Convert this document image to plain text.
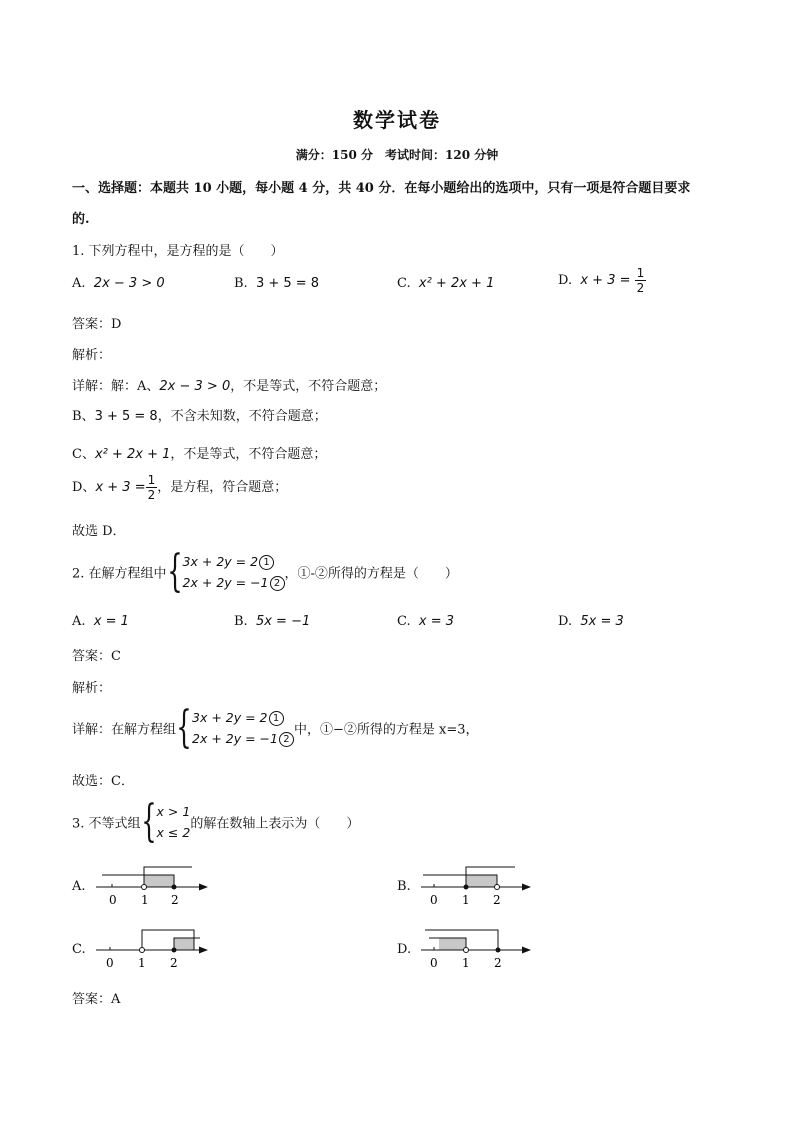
数学试卷
满分：150 分　考试时间：120 分钟
一、选择题：本题共 10 小题，每小题 4 分，共 40 分．在每小题给出的选项中，只有一项是符合题目要求
的.
1. 下列方程中，是方程的是（　　）
A. 2x − 3 > 0	B. 3 + 5 = 8	C. x² + 2x + 1	D. $x + 3 = \frac{1}{2}$
答案：D
解析：
详解：解：A、2x − 3 > 0，不是等式，不符合题意；
B、3 + 5 = 8，不含未知数，不符合题意；
C、x² + 2x + 1，不是等式，不符合题意；
D、$x + 3 = \frac{1}{2}$ ，是方程，符合题意；
故选 D．
2. 在解方程组中{3x + 2y = 2 1
2x + 2y = −1 2，①-②所得的方程是（　　）
A. x = 1	B. 5x = −1	C. x = 3	D. 5x = 3
答案：C
解析：
详解：在解方程组{3x + 2y = 2 1
2x + 2y = −1 2中，①−②所得的方程是 x=3，
故选：C．
3. 不等式组{x > 1
x ≤ 2的解在数轴上表示为（　　）
A.
0 1 2
B.
0 1 2
C.
0 1 2
D.
0 1 2
答案：A
